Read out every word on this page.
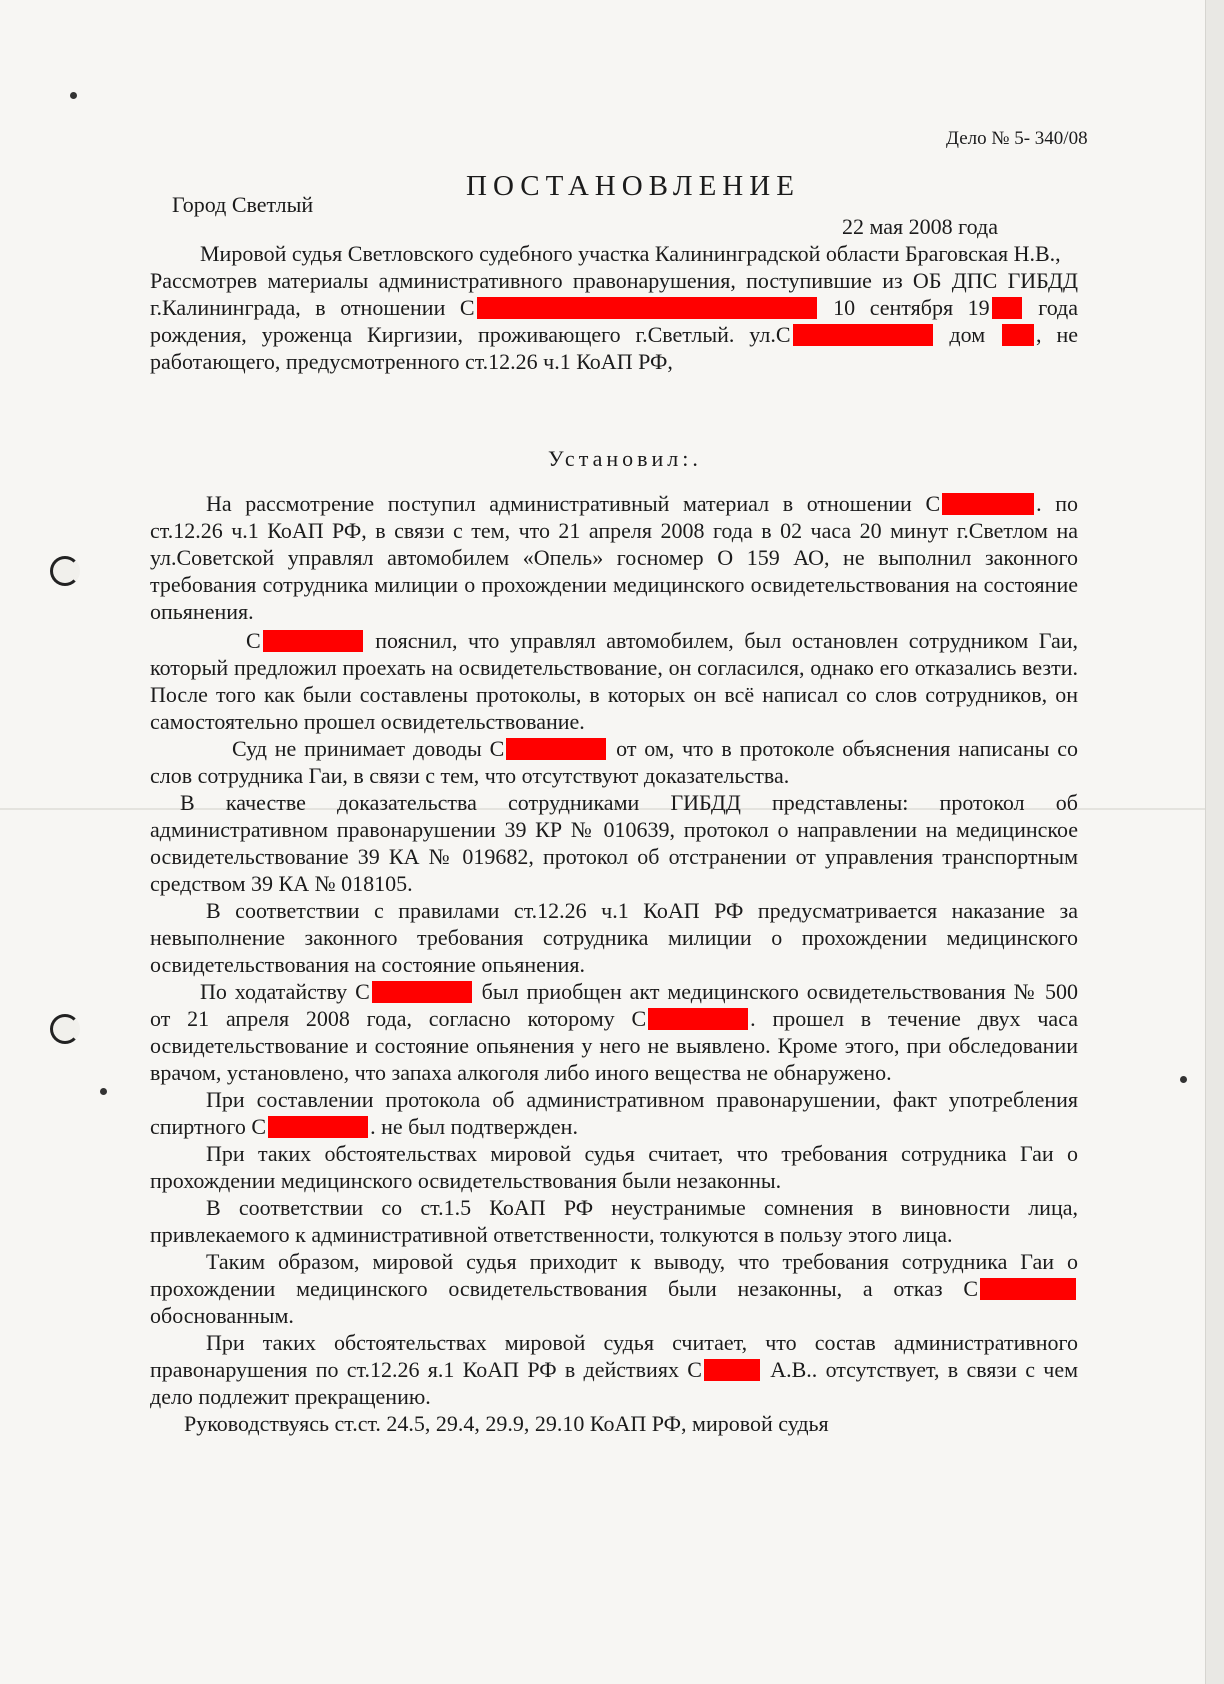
Дело № 5- 340/08
ПОСТАНОВЛЕНИЕ
Город Светлый
22 мая 2008 года

Мировой судья Светловского судебного участка Калининградской области Браговская Н.В.,

Рассмотрев материалы административного правонарушения, поступившие из ОБ ДПС ГИБДД г.Калининграда, в отношении С	10 сентября 19 года рождения, уроженца Киргизии, проживающего г.Светлый. ул.С	дом , не работающего, предусмотренного ст.12.26 ч.1 КоАП РФ,

Установил:.

На рассмотрение поступил административный материал в отношении С	. по ст.12.26 ч.1 КоАП РФ, в связи с тем, что 21 апреля 2008 года в 02 часа 20 минут г.Светлом на ул.Советской управлял автомобилем «Опель» госномер О 159 АО, не выполнил законного требования сотрудника милиции о прохождении медицинского освидетельствования на состояние опьянения.

С	пояснил, что управлял автомобилем, был остановлен сотрудником Гаи, который предложил проехать на освидетельствование, он согласился, однако его отказались везти. После того как были составлены протоколы, в которых он всё написал со слов сотрудников, он самостоятельно прошел освидетельствование.

Суд не принимает доводы С	от ом, что в протоколе объяснения написаны со слов сотрудника Гаи, в связи с тем, что отсутствуют доказательства.

В качестве доказательства сотрудниками ГИБДД представлены: протокол об административном правонарушении 39 КР № 010639, протокол о направлении на медицинское освидетельствование 39 КА № 019682, протокол об отстранении от управления транспортным средством 39 КА № 018105.

В соответствии с правилами ст.12.26 ч.1 КоАП РФ предусматривается наказание за невыполнение законного требования сотрудника милиции о прохождении медицинского освидетельствования на состояние опьянения.

По ходатайству С	был приобщен акт медицинского освидетельствования № 500 от 21 апреля 2008 года, согласно которому С	. прошел в течение двух часа освидетельствование и состояние опьянения у него не выявлено. Кроме этого, при обследовании врачом, установлено, что запаха алкоголя либо иного вещества не обнаружено.

При составлении протокола об административном правонарушении, факт употребления спиртного С	. не был подтвержден.

При таких обстоятельствах мировой судья считает, что требования сотрудника Гаи о прохождении медицинского освидетельствования были незаконны.

В соответствии со ст.1.5 КоАП РФ неустранимые сомнения в виновности лица, привлекаемого к административной ответственности, толкуются в пользу этого лица.

Таким образом, мировой судья приходит к выводу, что требования сотрудника Гаи о прохождении медицинского освидетельствования были незаконны, а отказ С обоснованным.

При таких обстоятельствах мировой судья считает, что состав административного правонарушения по ст.12.26 я.1 КоАП РФ в действиях С	А.В.. отсутствует, в связи с чем дело подлежит прекращению.

Руководствуясь ст.ст. 24.5, 29.4, 29.9, 29.10 КоАП РФ, мировой судья
